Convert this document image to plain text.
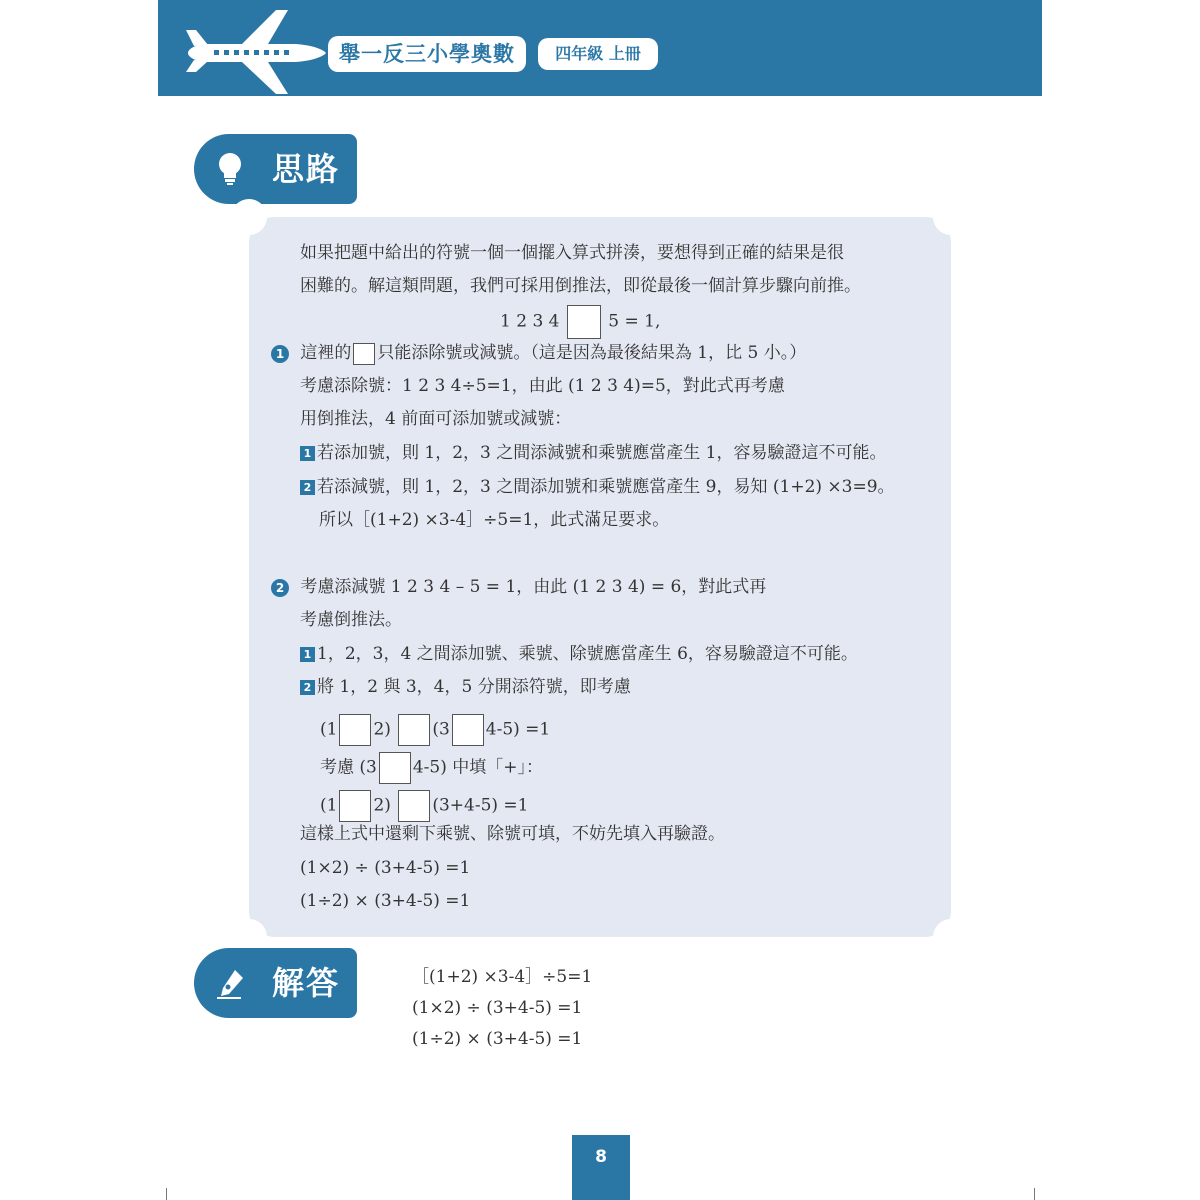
舉一反三小學奧數	四年級 上冊
思路
如果把題中給出的符號一個一個擺入算式拼湊，要想得到正確的結果是很
困難的。解這類問題，我們可採用倒推法，即從最後一個計算步驟向前推。
1 2 3 4	5 = 1,
1 這裡的 只能添除號或減號。（這是因為最後結果為 1，比 5 小。）
考慮添除號：1 2 3 4÷5=1，由此 (1 2 3 4)=5，對此式再考慮
用倒推法，4 前面可添加號或減號：
1 若添加號，則 1，2，3 之間添減號和乘號應當產生 1，容易驗證這不可能。
2 若添減號，則 1，2，3 之間添加號和乘號應當產生 9，易知 (1+2) ×3=9。
所以［(1+2) ×3-4］÷5=1，此式滿足要求。
2 考慮添減號 1 2 3 4 – 5 = 1，由此 (1 2 3 4) = 6，對此式再
考慮倒推法。
1 1，2，3，4 之間添加號、乘號、除號應當產生 6，容易驗證這不可能。
2 將 1，2 與 3，4，5 分開添符號，即考慮
(1 2) (3 4-5) =1
考慮 (3 4-5) 中填「+」：
(1 2) (3+4-5) =1
這樣上式中還剩下乘號、除號可填，不妨先填入再驗證。
(1×2) ÷ (3+4-5) =1
(1÷2) × (3+4-5) =1
解答	［(1+2) ×3-4］÷5=1
(1×2) ÷ (3+4-5) =1
(1÷2) × (3+4-5) =1
8
